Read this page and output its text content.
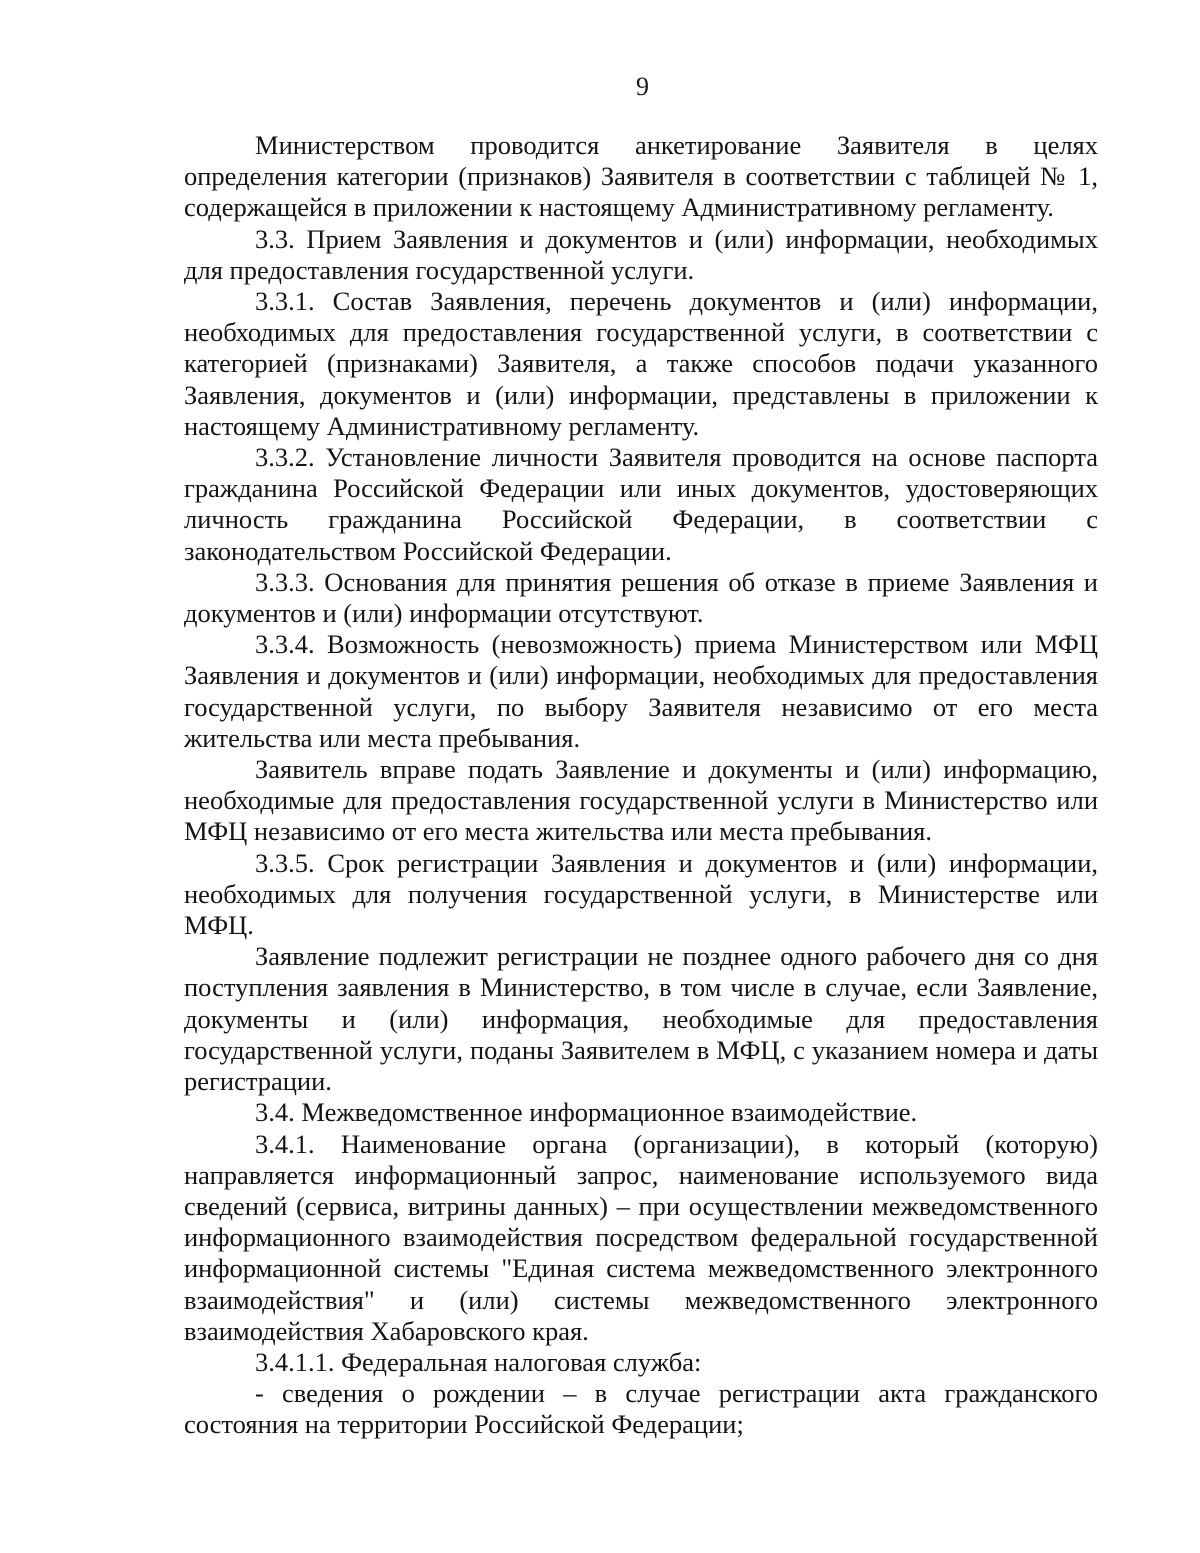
9

Министерством проводится анкетирование Заявителя в целях определения категории (признаков) Заявителя в соответствии с таблицей № 1, содержащейся в приложении к настоящему Административному регламенту.

3.3. Прием Заявления и документов и (или) информации, необходимых для предоставления государственной услуги.

3.3.1. Состав Заявления, перечень документов и (или) информации, необходимых для предоставления государственной услуги, в соответствии с категорией (признаками) Заявителя, а также способов подачи указанного Заявления, документов и (или) информации, представлены в приложении к настоящему Административному регламенту.

3.3.2. Установление личности Заявителя проводится на основе паспорта гражданина Российской Федерации или иных документов, удостоверяющих личность гражданина Российской Федерации, в соответствии с законодательством Российской Федерации.

3.3.3. Основания для принятия решения об отказе в приеме Заявления и документов и (или) информации отсутствуют.

3.3.4. Возможность (невозможность) приема Министерством или МФЦ Заявления и документов и (или) информации, необходимых для предоставления государственной услуги, по выбору Заявителя независимо от его места жительства или места пребывания.

Заявитель вправе подать Заявление и документы и (или) информацию, необходимые для предоставления государственной услуги в Министерство или МФЦ независимо от его места жительства или места пребывания.

3.3.5. Срок регистрации Заявления и документов и (или) информации, необходимых для получения государственной услуги, в Министерстве или МФЦ.

Заявление подлежит регистрации не позднее одного рабочего дня со дня поступления заявления в Министерство, в том числе в случае, если Заявление, документы и (или) информация, необходимые для предоставления государственной услуги, поданы Заявителем в МФЦ, с указанием номера и даты регистрации.

3.4. Межведомственное информационное взаимодействие.

3.4.1. Наименование органа (организации), в который (которую) направляется информационный запрос, наименование используемого вида сведений (сервиса, витрины данных) – при осуществлении межведомственного информационного взаимодействия посредством федеральной государственной информационной системы "Единая система межведомственного электронного взаимодействия" и (или) системы межведомственного электронного взаимодействия Хабаровского края.

3.4.1.1. Федеральная налоговая служба:

- сведения о рождении – в случае регистрации акта гражданского состояния на территории Российской Федерации;
